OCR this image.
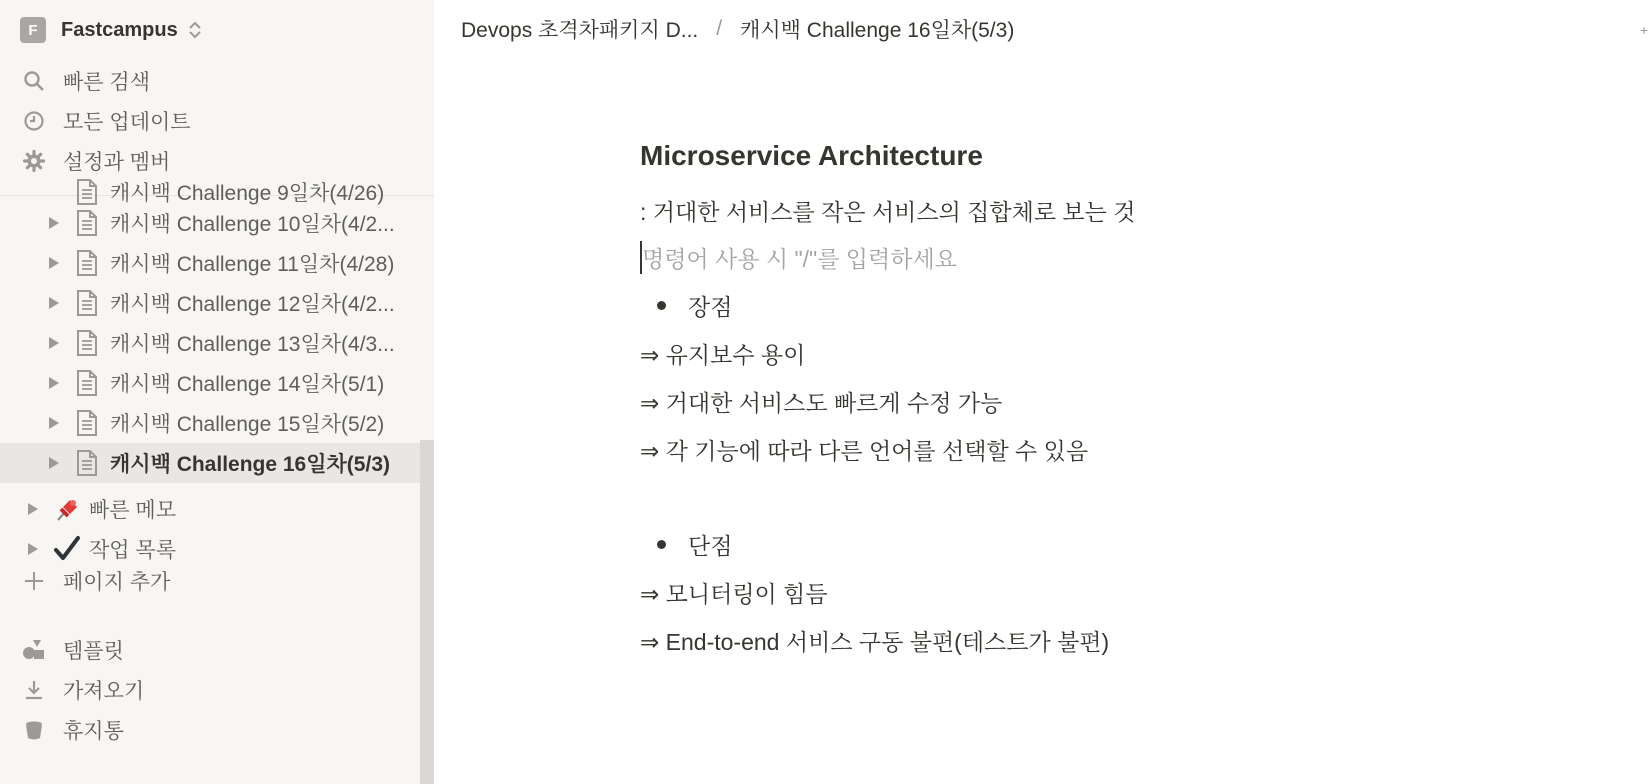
F	Fastcampus
빠른 검색
모든 업데이트
설정과 멤버
캐시백 Challenge 9일차(4/26)
캐시백 Challenge 10일차(4/2...
캐시백 Challenge 11일차(4/28)
캐시백 Challenge 12일차(4/2...
캐시백 Challenge 13일차(4/3...
캐시백 Challenge 14일차(5/1)
캐시백 Challenge 15일차(5/2)
캐시백 Challenge 16일차(5/3)
빠른 메모
작업 목록
페이지 추가
템플릿
가져오기
휴지통
Devops 초격차패키지 D... / 캐시백 Challenge 16일차(5/3)	+
Microservice Architecture
: 거대한 서비스를 작은 서비스의 집합체로 보는 것
명령어 사용 시 "/"를 입력하세요
장점
⇒ 유지보수 용이
⇒ 거대한 서비스도 빠르게 수정 가능
⇒ 각 기능에 따라 다른 언어를 선택할 수 있음
단점
⇒ 모니터링이 힘듬
⇒ End-to-end 서비스 구동 불편(테스트가 불편)
